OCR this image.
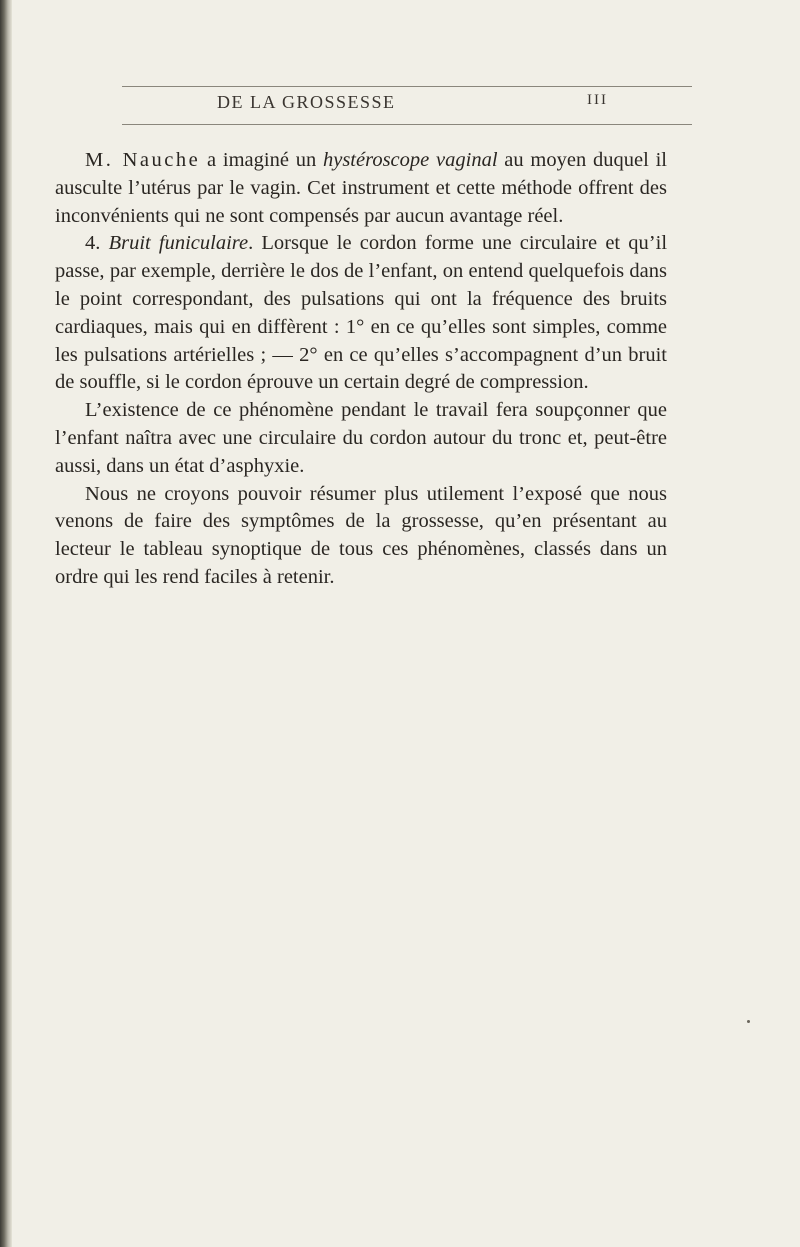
DE LA GROSSESSE	III

M. Nauche a imaginé un hystéroscope vaginal au moyen duquel il ausculte l’utérus par le vagin. Cet instrument et cette méthode offrent des inconvénients qui ne sont compensés par aucun avantage réel.

4. Bruit funiculaire. Lorsque le cordon forme une circulaire et qu’il passe, par exemple, derrière le dos de l’enfant, on entend quelquefois dans le point correspondant, des pulsations qui ont la fréquence des bruits cardiaques, mais qui en diffèrent : 1° en ce qu’elles sont simples, comme les pulsations artérielles ; — 2° en ce qu’elles s’accompagnent d’un bruit de souffle, si le cordon éprouve un certain degré de compression.

L’existence de ce phénomène pendant le travail fera soupçonner que l’enfant naîtra avec une circulaire du cordon autour du tronc et, peut-être aussi, dans un état d’asphyxie.

Nous ne croyons pouvoir résumer plus utilement l’exposé que nous venons de faire des symptômes de la grossesse, qu’en présentant au lecteur le tableau synoptique de tous ces phénomènes, classés dans un ordre qui les rend faciles à retenir.
